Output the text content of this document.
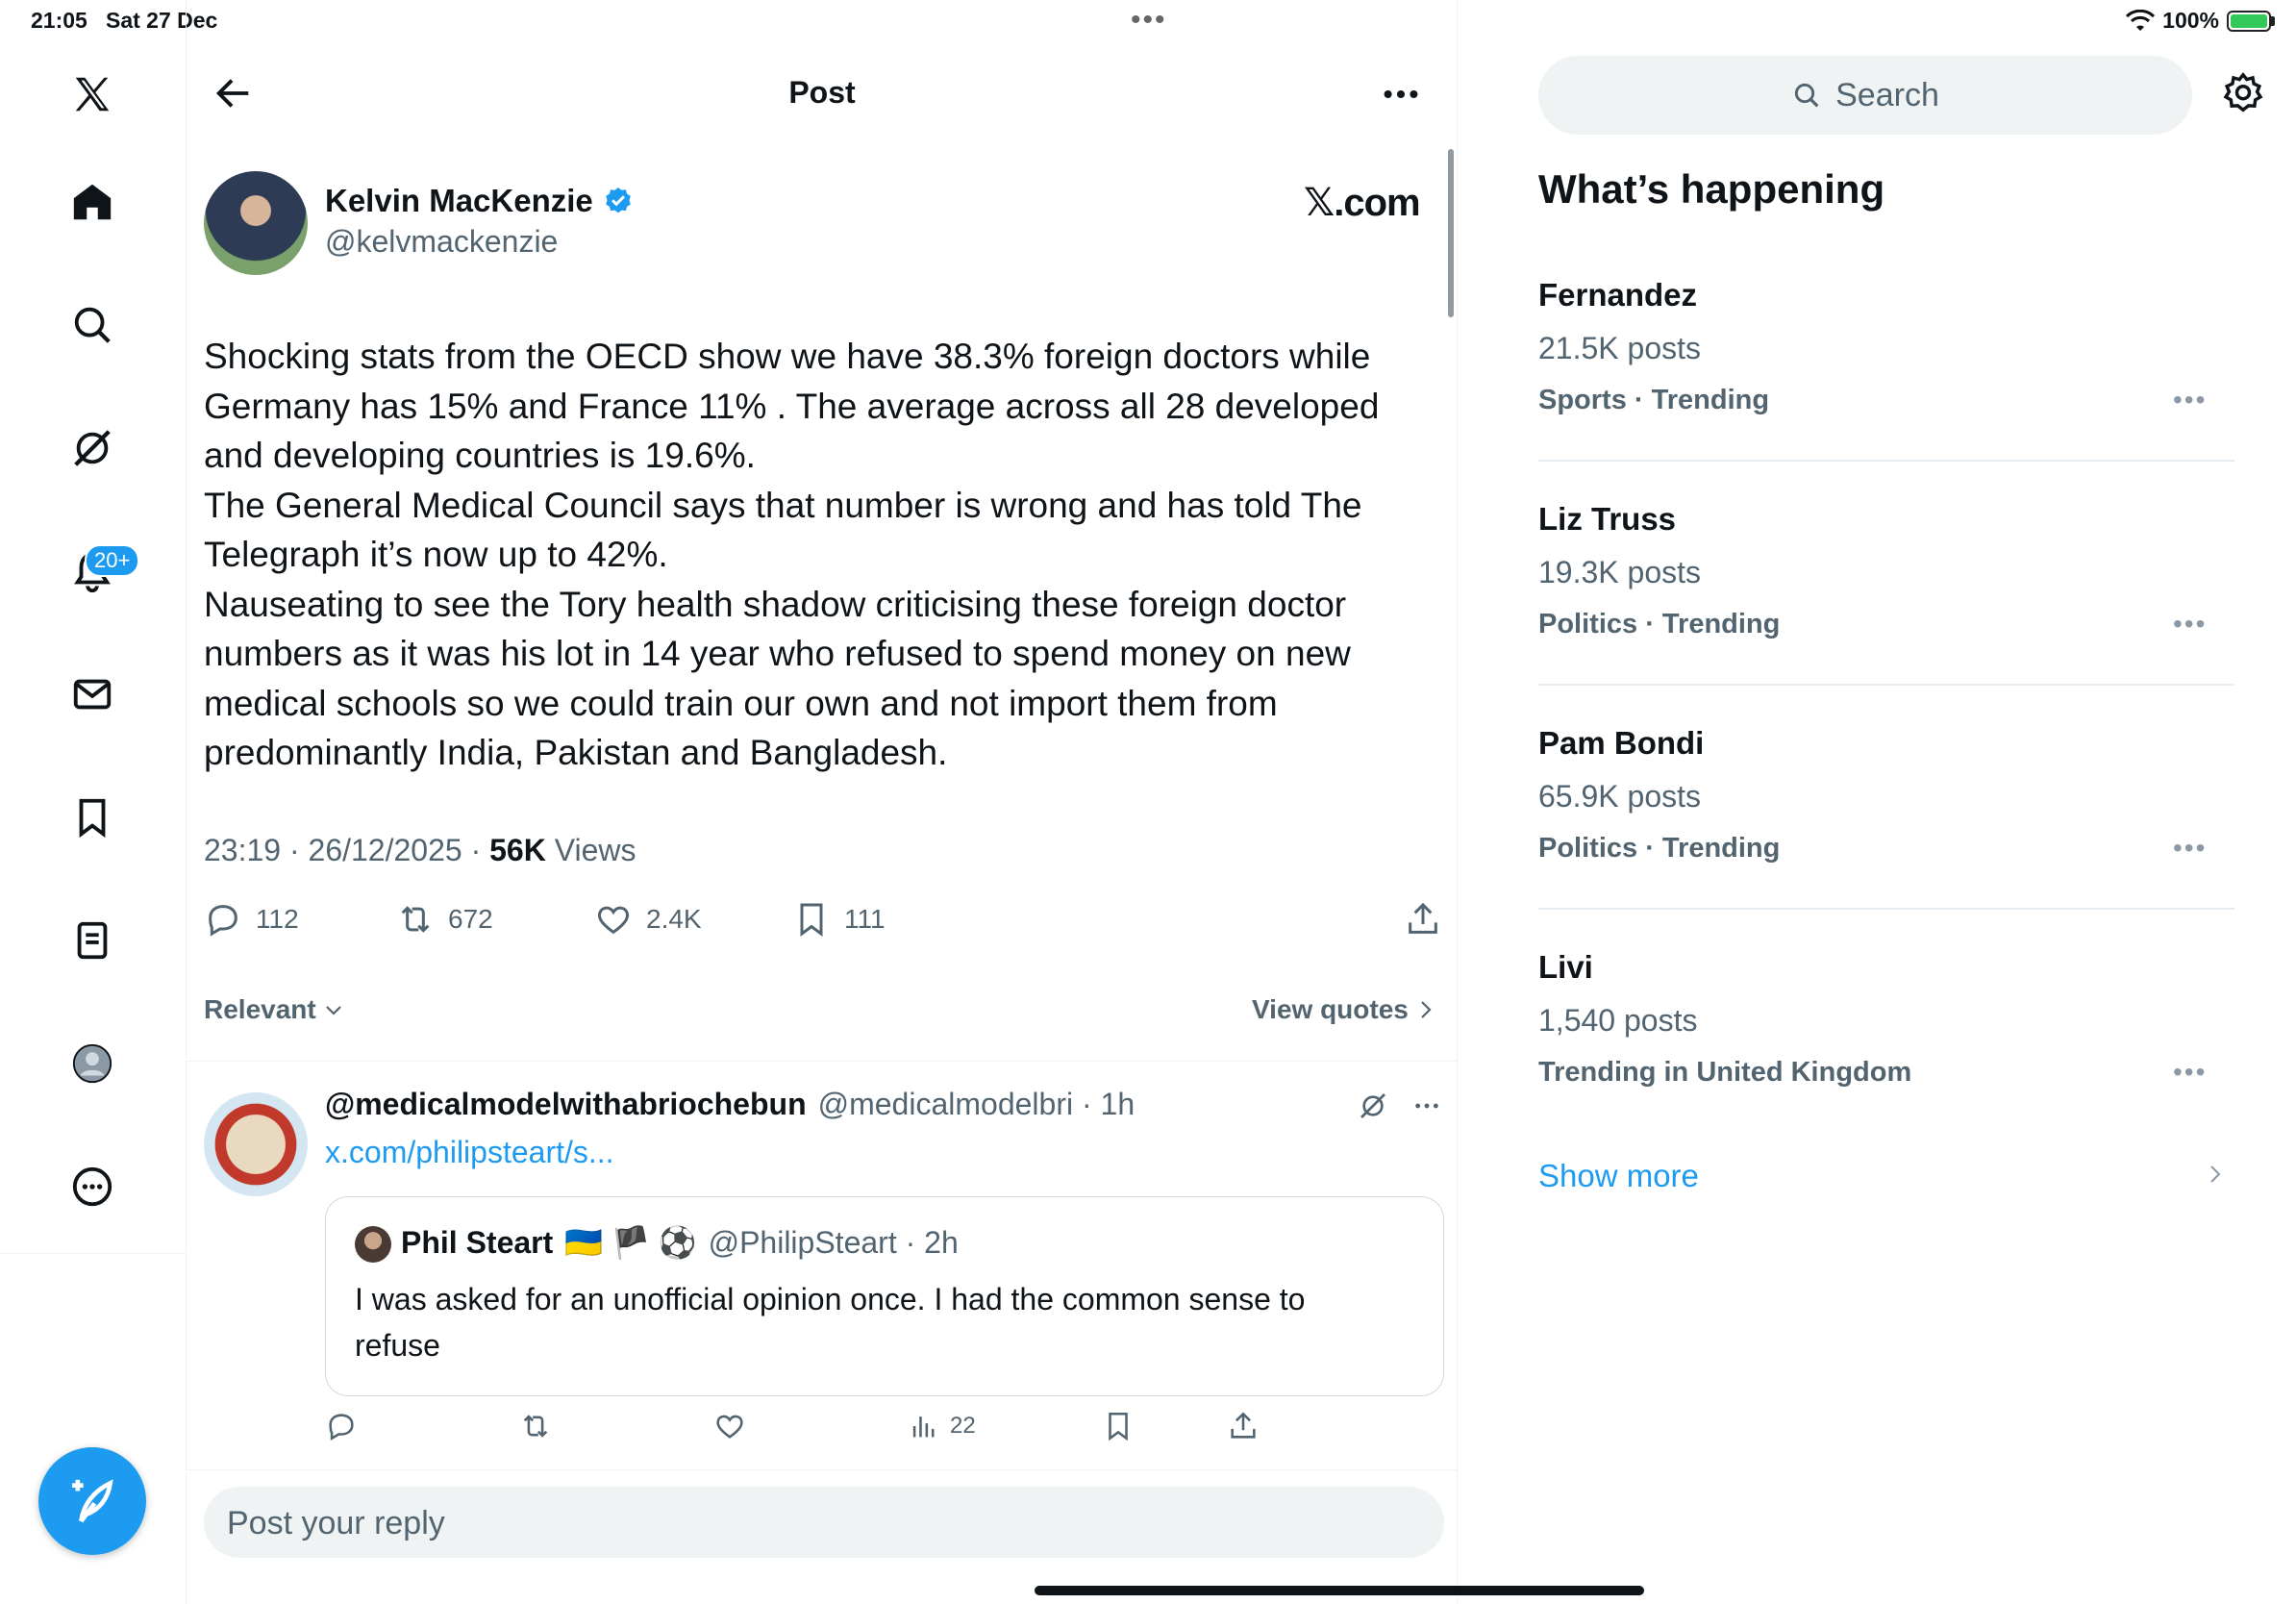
21:05 Sat 27 Dec	•••	100%
20+
Post
Kelvin MacKenzie
@kelvmackenzie
𝕏.com
Shocking stats from the OECD show we have 38.3% foreign doctors while
Germany has 15% and France 11% . The average across all 28 developed
and developing countries is 19.6%.
The General Medical Council says that number is wrong and has told The
Telegraph it’s now up to 42%.
Nauseating to see the Tory health shadow criticising these foreign doctor
numbers as it was his lot in 14 year who refused to spend money on new
medical schools so we could train our own and not import them from
predominantly India, Pakistan and Bangladesh.
23:19 · 26/12/2025 · 56K Views
112	672	2.4K	111
Relevant	View quotes
@medicalmodelwithabriochebun @medicalmodelbri · 1h
x.com/philipsteart/s...
Phil Steart 🇺🇦 🏴 ⚽ @PhilipSteart · 2h
I was asked for an unofficial opinion once. I had the common sense to
refuse
22
Post your reply
Search
What’s happening
Fernandez
21.5K posts
Sports · Trending	•••
Liz Truss
19.3K posts
Politics · Trending	•••
Pam Bondi
65.9K posts
Politics · Trending	•••
Livi
1,540 posts
Trending in United Kingdom	•••
Show more
